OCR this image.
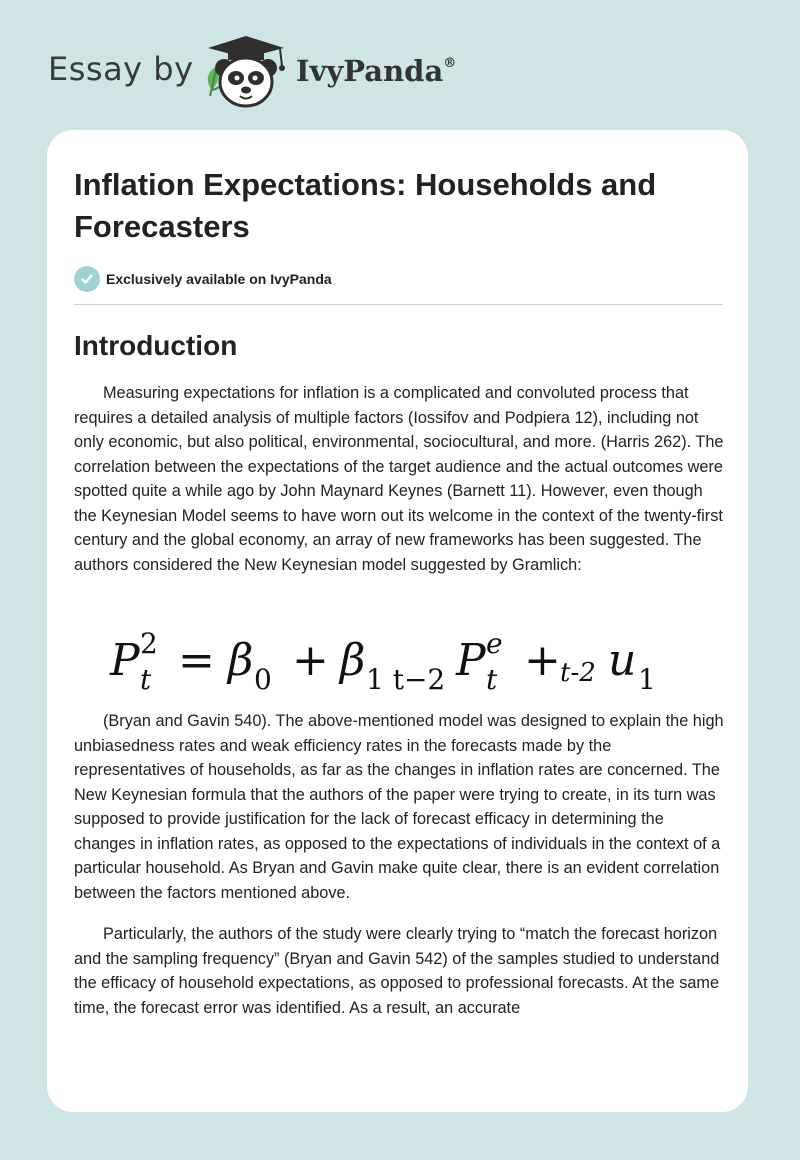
Essay by	IvyPanda®
Inflation Expectations: Households and Forecasters
Exclusively available on IvyPanda
Introduction

Measuring expectations for inflation is a complicated and convoluted process that requires a detailed analysis of multiple factors (Iossifov and Podpiera 12), including not only economic, but also political, environmental, sociocultural, and more. (Harris 262). The correlation between the expectations of the target audience and the actual outcomes were spotted quite a while ago by John Maynard Keynes (Barnett 11). However, even though the Keynesian Model seems to have worn out its welcome in the context of the twenty-first century and the global economy, an array of new frameworks has been suggested. The authors considered the New Keynesian model suggested by Gramlich:

P 2
t = β 0 + β 1 t−2 P e
t + t-2 u 1

(Bryan and Gavin 540). The above-mentioned model was designed to explain the high unbiasedness rates and weak efficiency rates in the forecasts made by the representatives of households, as far as the changes in inflation rates are concerned. The New Keynesian formula that the authors of the paper were trying to create, in its turn was supposed to provide justification for the lack of forecast efficacy in determining the changes in inflation rates, as opposed to the expectations of individuals in the context of a particular household. As Bryan and Gavin make quite clear, there is an evident correlation between the factors mentioned above.

Particularly, the authors of the study were clearly trying to “match the forecast horizon and the sampling frequency” (Bryan and Gavin 542) of the samples studied to understand the efficacy of household expectations, as opposed to professional forecasts. At the same time, the forecast error was identified. As a result, an accurate
